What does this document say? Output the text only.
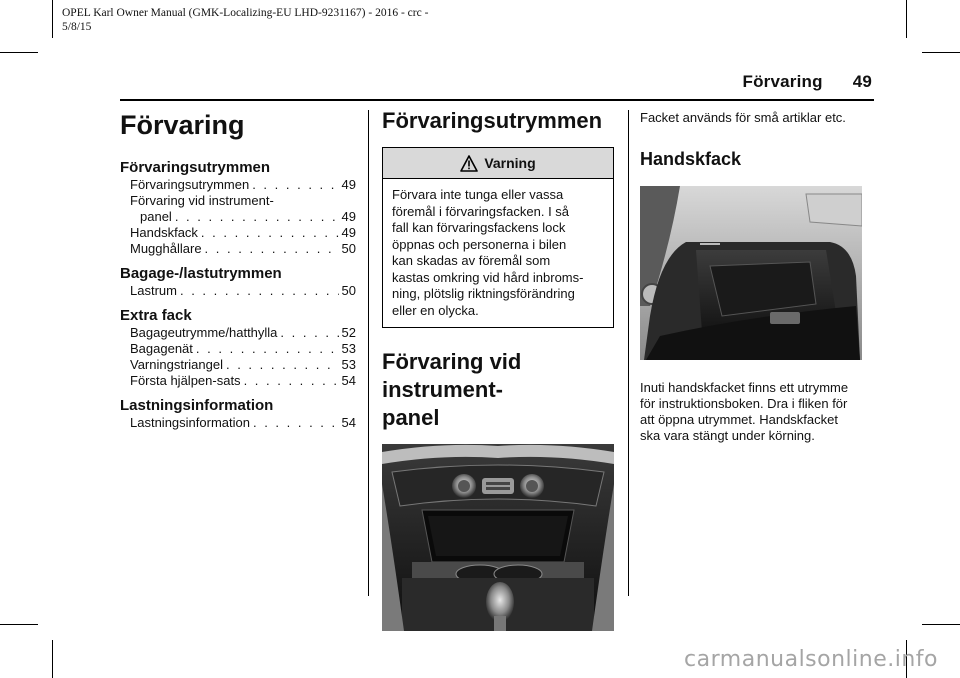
OPEL Karl Owner Manual (GMK-Localizing-EU LHD-9231167) - 2016 - crc -
5/8/15
Förvaring 49
Förvaring
Förvaringsutrymmen
Förvaringsutrymmen . . .	49
Förvaring vid instrument-
panel . . .	49
Handskfack . . .	49
Mugghållare . . .	50
Bagage-/lastutrymmen
Lastrum . . .	50
Extra fack
Bagageutrymme/hatthylla . . .	52
Bagagenät . . .	53
Varningstriangel . . .	53
Första hjälpen-sats . . .	54
Lastningsinformation
Lastningsinformation . . .	54
Förvaringsutrymmen
Varning
Förvara inte tunga eller vassa
föremål i förvaringsfacken. I så
fall kan förvaringsfackens lock
öppnas och personerna i bilen
kan skadas av föremål som
kastas omkring vid hård inbroms-
ning, plötslig riktningsförändring
eller en olycka.
Förvaring vid instrument-
panel

Facket används för små artiklar etc.

Handskfack
Inuti handskfacket finns ett utrymme
för instruktionsboken. Dra i fliken för
att öppna utrymmet. Handskfacket
ska vara stängt under körning.
carmanualsonline.info
